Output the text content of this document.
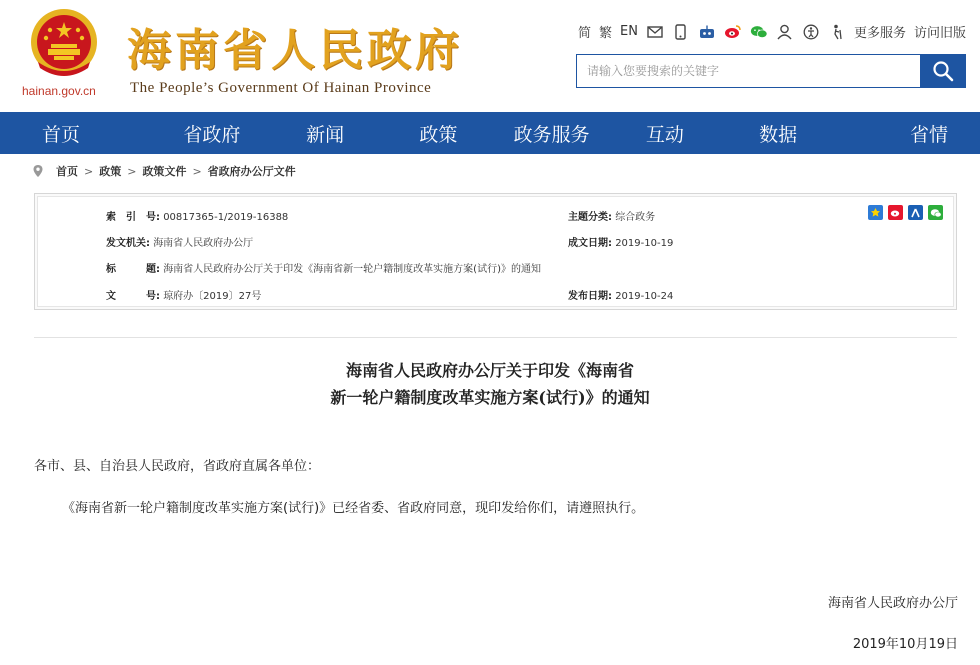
hainan.gov.cn
海南省人民政府
The People’s Government Of Hainan Province
简 繁 EN	更多服务 访问旧版
请输入您要搜索的关键字
首页	省政府	新闻	政策	政务服务	互动	数据	省情
首页 > 政策 > 政策文件 > 省政府办公厅文件
索　引　号: 00817365-1/2019-16388	主题分类: 综合政务
发文机关: 海南省人民政府办公厅	成文日期: 2019-10-19
标　　　题: 海南省人民政府办公厅关于印发《海南省新一轮户籍制度改革实施方案(试行)》的通知
文　　　号: 琼府办〔2019〕27号	发布日期: 2019-10-24
海南省人民政府办公厅关于印发《海南省
新一轮户籍制度改革实施方案(试行)》的通知
各市、县、自治县人民政府，省政府直属各单位：
《海南省新一轮户籍制度改革实施方案(试行)》已经省委、省政府同意，现印发给你们，请遵照执行。
海南省人民政府办公厅
2019年10月19日
